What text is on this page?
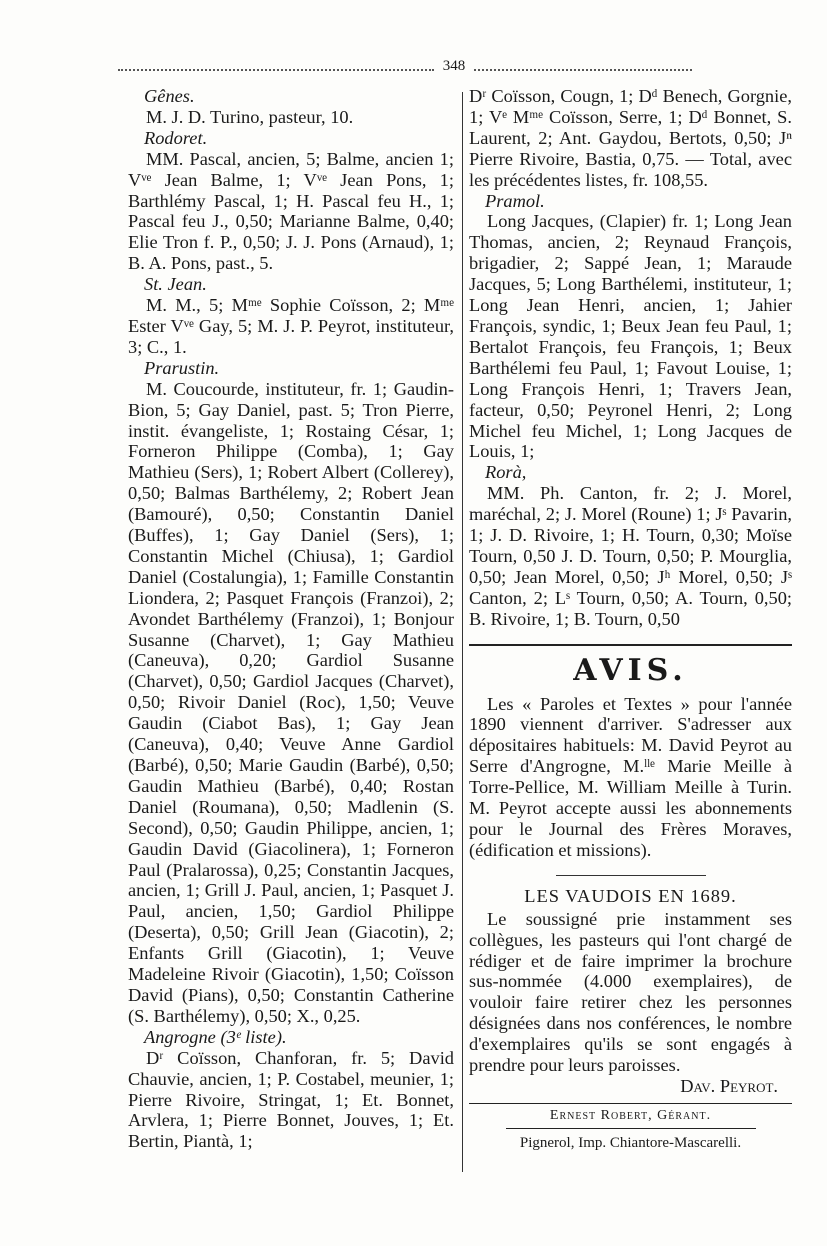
348

Gênes.

M. J. D. Turino, pasteur, 10.

Rodoret.

MM. Pascal, ancien, 5; Balme, ancien 1; Vᵛᵉ Jean Balme, 1; Vᵛᵉ Jean Pons, 1; Barthlémy Pascal, 1; H. Pascal feu H., 1; Pascal feu J., 0,50; Marianne Balme, 0,40; Elie Tron f. P., 0,50; J. J. Pons (Arnaud), 1; B. A. Pons, past., 5.

St. Jean.

M. M., 5; Mᵐᵉ Sophie Coïsson, 2; Mᵐᵉ Ester Vᵛᵉ Gay, 5; M. J. P. Peyrot, instituteur, 3; C., 1.

Prarustin.

M. Coucourde, instituteur, fr. 1; Gaudin-Bion, 5; Gay Daniel, past. 5; Tron Pierre, instit. évangeliste, 1; Rostaing César, 1; Forneron Philippe (Comba), 1; Gay Mathieu (Sers), 1; Robert Albert (Collerey), 0,50; Balmas Barthélemy, 2; Robert Jean (Bamouré), 0,50; Constantin Daniel (Buffes), 1; Gay Daniel (Sers), 1; Constantin Michel (Chiusa), 1; Gardiol Daniel (Costalungia), 1; Famille Constantin Liondera, 2; Pasquet François (Franzoi), 2; Avondet Barthélemy (Franzoi), 1; Bonjour Susanne (Charvet), 1; Gay Mathieu (Caneuva), 0,20; Gardiol Susanne (Charvet), 0,50; Gardiol Jacques (Charvet), 0,50; Rivoir Daniel (Roc), 1,50; Veuve Gaudin (Ciabot Bas), 1; Gay Jean (Caneuva), 0,40; Veuve Anne Gardiol (Barbé), 0,50; Marie Gaudin (Barbé), 0,50; Gaudin Mathieu (Barbé), 0,40; Rostan Daniel (Roumana), 0,50; Madlenin (S. Second), 0,50; Gaudin Philippe, ancien, 1; Gaudin David (Giacolinera), 1; Forneron Paul (Pralarossa), 0,25; Constantin Jacques, ancien, 1; Grill J. Paul, ancien, 1; Pasquet J. Paul, ancien, 1,50; Gardiol Philippe (Deserta), 0,50; Grill Jean (Giacotin), 2; Enfants Grill (Giacotin), 1; Veuve Madeleine Rivoir (Giacotin), 1,50; Coïsson David (Pians), 0,50; Constantin Catherine (S. Barthélemy), 0,50; X., 0,25.

Angrogne (3ᵉ liste).

Dʳ Coïsson, Chanforan, fr. 5; David Chauvie, ancien, 1; P. Costabel, meunier, 1; Pierre Rivoire, Stringat, 1; Et. Bonnet, Arvlera, 1; Pierre Bonnet, Jouves, 1; Et. Bertin, Piantà, 1;

Dʳ Coïsson, Cougn, 1; Dᵈ Benech, Gorgnie, 1; Vᵉ Mᵐᵉ Coïsson, Serre, 1; Dᵈ Bonnet, S. Laurent, 2; Ant. Gaydou, Bertots, 0,50; Jⁿ Pierre Rivoire, Bastia, 0,75. — Total, avec les précédentes listes, fr. 108,55.

Pramol.

Long Jacques, (Clapier) fr. 1; Long Jean Thomas, ancien, 2; Reynaud François, brigadier, 2; Sappé Jean, 1; Maraude Jacques, 5; Long Barthélemi, instituteur, 1; Long Jean Henri, ancien, 1; Jahier François, syndic, 1; Beux Jean feu Paul, 1; Bertalot François, feu François, 1; Beux Barthélemi feu Paul, 1; Favout Louise, 1; Long François Henri, 1; Travers Jean, facteur, 0,50; Peyronel Henri, 2; Long Michel feu Michel, 1; Long Jacques de Louis, 1;

Rorà,

MM. Ph. Canton, fr. 2; J. Morel, maréchal, 2; J. Morel (Roune) 1; Jˢ Pavarin, 1; J. D. Rivoire, 1; H. Tourn, 0,30; Moïse Tourn, 0,50 J. D. Tourn, 0,50; P. Mourglia, 0,50; Jean Morel, 0,50; Jʰ Morel, 0,50; Jˢ Canton, 2; Lˢ Tourn, 0,50; A. Tourn, 0,50; B. Rivoire, 1; B. Tourn, 0,50

AVIS.

Les « Paroles et Textes » pour l'année 1890 viennent d'arriver. S'adresser aux dépositaires habituels: M. David Peyrot au Serre d'Angrogne, M.ˡˡᵉ Marie Meille à Torre-Pellice, M. William Meille à Turin. M. Peyrot accepte aussi les abonnements pour le Journal des Frères Moraves, (édification et missions).

LES VAUDOIS EN 1689.

Le soussigné prie instamment ses collègues, les pasteurs qui l'ont chargé de rédiger et de faire imprimer la brochure sus-nommée (4.000 exemplaires), de vouloir faire retirer chez les personnes désignées dans nos conférences, le nombre d'exemplaires qu'ils se sont engagés à prendre pour leurs paroisses.

Dav. Peyrot.
Ernest Robert, Gérant.
Pignerol, Imp. Chiantore-Mascarelli.
